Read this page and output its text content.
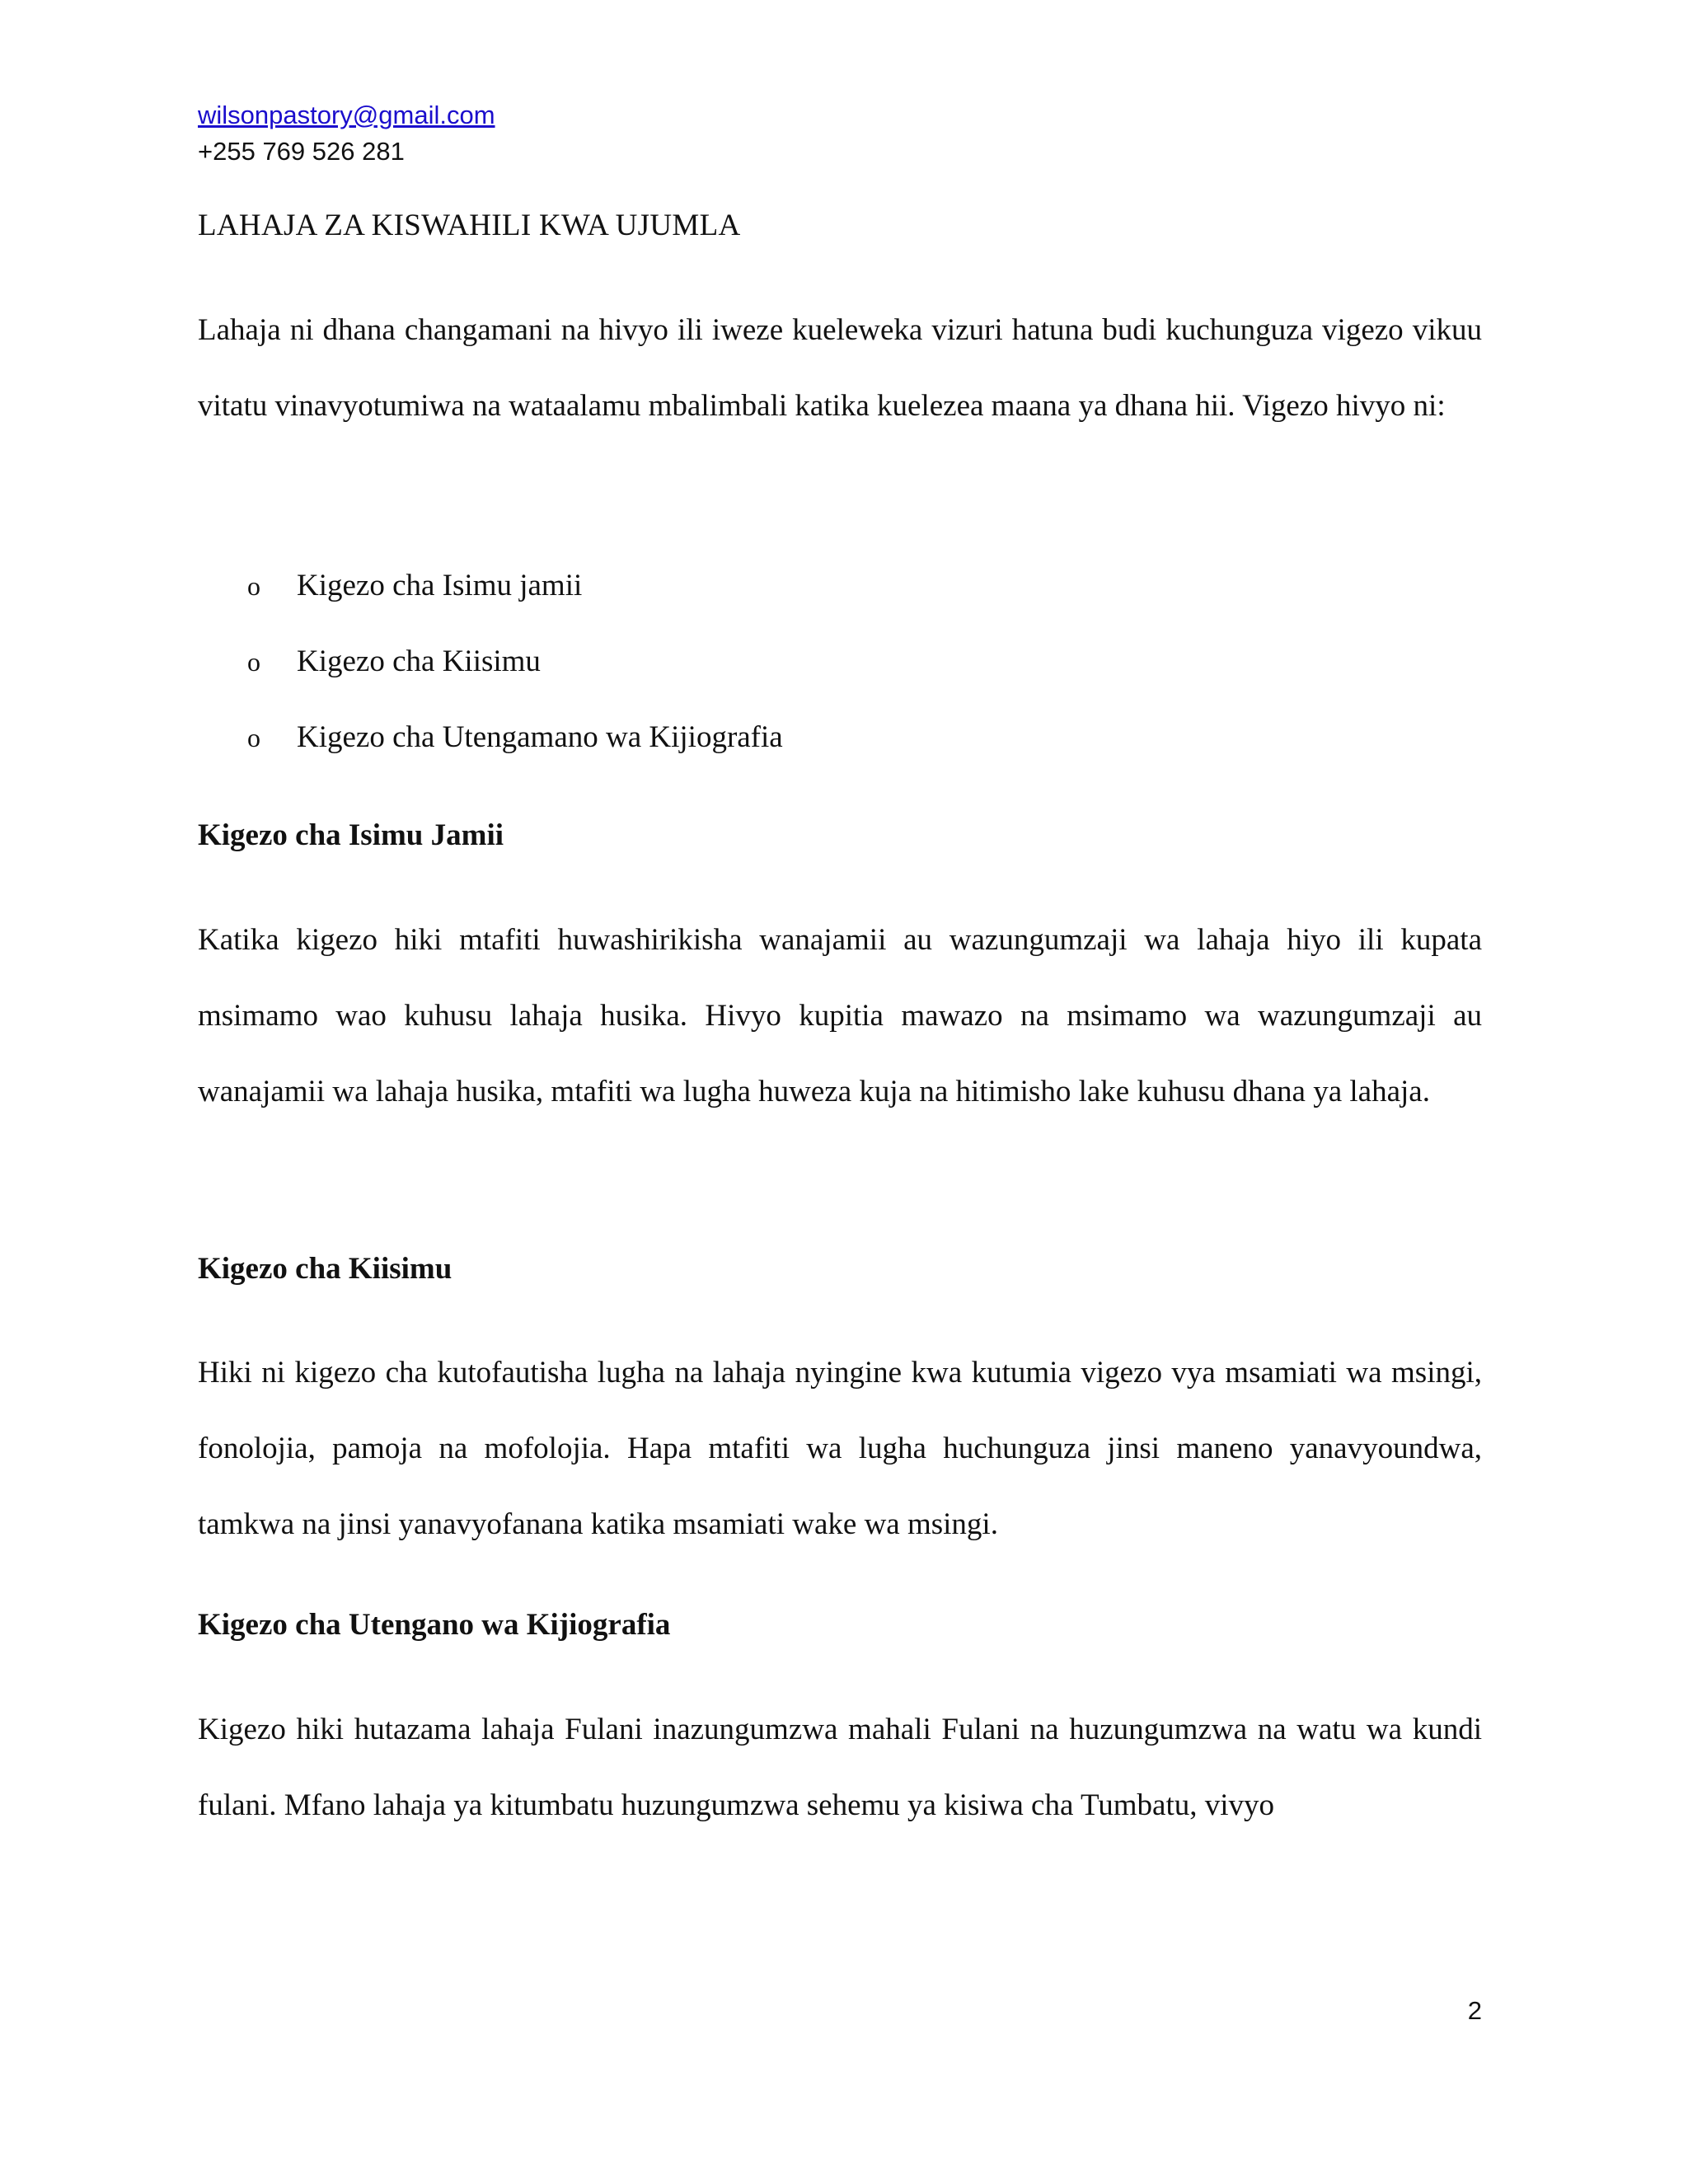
wilsonpastory@gmail.com
+255 769 526 281
LAHAJA ZA KISWAHILI KWA UJUMLA

Lahaja ni dhana changamani na hivyo ili iweze kueleweka vizuri hatuna budi kuchunguza vigezo vikuu vitatu vinavyotumiwa na wataalamu mbalimbali katika kuelezea maana ya dhana hii. Vigezo hivyo ni:

o	Kigezo cha Isimu jamii
o	Kigezo cha Kiisimu
o	Kigezo cha Utengamano wa Kijiografia
Kigezo cha Isimu Jamii

Katika kigezo hiki mtafiti huwashirikisha wanajamii au wazungumzaji wa lahaja hiyo ili kupata msimamo wao kuhusu lahaja husika. Hivyo kupitia mawazo na msimamo wa wazungumzaji au wanajamii wa lahaja husika, mtafiti wa lugha huweza kuja na hitimisho lake kuhusu dhana ya lahaja.

Kigezo cha Kiisimu

Hiki ni kigezo cha kutofautisha lugha na lahaja nyingine kwa kutumia vigezo vya msamiati wa msingi, fonolojia, pamoja na mofolojia. Hapa mtafiti wa lugha huchunguza jinsi maneno yanavyoundwa, tamkwa na jinsi yanavyofanana katika msamiati wake wa msingi.

Kigezo cha Utengano wa Kijiografia

Kigezo hiki hutazama lahaja Fulani inazungumzwa mahali Fulani na huzungumzwa na watu wa kundi fulani. Mfano lahaja ya kitumbatu huzungumzwa sehemu ya kisiwa cha Tumbatu, vivyo

2
